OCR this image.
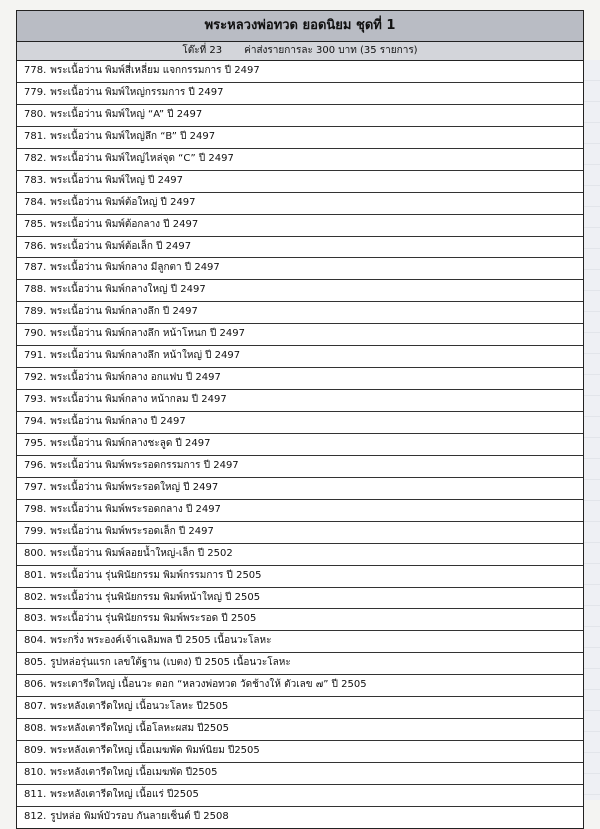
พระหลวงพ่อทวด ยอดนิยม ชุดที่ 1
โต๊ะที่ 23 ค่าส่งรายการละ 300 บาท (35 รายการ)
778. พระเนื้อว่าน พิมพ์สี่เหลี่ยม แจกกรรมการ ปี 2497
779. พระเนื้อว่าน พิมพ์ใหญ่กรรมการ ปี 2497
780. พระเนื้อว่าน พิมพ์ใหญ่ “A” ปี 2497
781. พระเนื้อว่าน พิมพ์ใหญ่ลึก “B” ปี 2497
782. พระเนื้อว่าน พิมพ์ใหญ่ไหล่จุด “C” ปี 2497
783. พระเนื้อว่าน พิมพ์ใหญ่ ปี 2497
784. พระเนื้อว่าน พิมพ์ต้อใหญ่ ปี 2497
785. พระเนื้อว่าน พิมพ์ต้อกลาง ปี 2497
786. พระเนื้อว่าน พิมพ์ต้อเล็ก ปี 2497
787. พระเนื้อว่าน พิมพ์กลาง มีลูกตา ปี 2497
788. พระเนื้อว่าน พิมพ์กลางใหญ่ ปี 2497
789. พระเนื้อว่าน พิมพ์กลางลึก ปี 2497
790. พระเนื้อว่าน พิมพ์กลางลึก หน้าโหนก ปี 2497
791. พระเนื้อว่าน พิมพ์กลางลึก หน้าใหญ่ ปี 2497
792. พระเนื้อว่าน พิมพ์กลาง อกแฟบ ปี 2497
793. พระเนื้อว่าน พิมพ์กลาง หน้ากลม ปี 2497
794. พระเนื้อว่าน พิมพ์กลาง ปี 2497
795. พระเนื้อว่าน พิมพ์กลางชะลูด ปี 2497
796. พระเนื้อว่าน พิมพ์พระรอดกรรมการ ปี 2497
797. พระเนื้อว่าน พิมพ์พระรอดใหญ่ ปี 2497
798. พระเนื้อว่าน พิมพ์พระรอดกลาง ปี 2497
799. พระเนื้อว่าน พิมพ์พระรอดเล็ก ปี 2497
800. พระเนื้อว่าน พิมพ์ลอยน้ำใหญ่-เล็ก ปี 2502
801. พระเนื้อว่าน รุ่นพินัยกรรม พิมพ์กรรมการ ปี 2505
802. พระเนื้อว่าน รุ่นพินัยกรรม พิมพ์หน้าใหญ่ ปี 2505
803. พระเนื้อว่าน รุ่นพินัยกรรม พิมพ์พระรอด ปี 2505
804. พระกริ่ง พระองค์เจ้าเฉลิมพล ปี 2505 เนื้อนวะโลหะ
805. รูปหล่อรุ่นแรก เลขใต้ฐาน (เบตง) ปี 2505 เนื้อนวะโลหะ
806. พระเตารีดใหญ่ เนื้อนวะ ตอก “หลวงพ่อทวด วัดช้างให้ ตัวเลข ๗” ปี 2505
807. พระหลังเตารีดใหญ่ เนื้อนวะโลหะ ปี2505
808. พระหลังเตารีดใหญ่ เนื้อโลหะผสม ปี2505
809. พระหลังเตารีดใหญ่ เนื้อเมฆพัด พิมพ์นิยม ปี2505
810. พระหลังเตารีดใหญ่ เนื้อเมฆพัด ปี2505
811. พระหลังเตารีดใหญ่ เนื้อแร่ ปี2505
812. รูปหล่อ พิมพ์บัวรอบ กันลายเซ็นต์ ปี 2508
